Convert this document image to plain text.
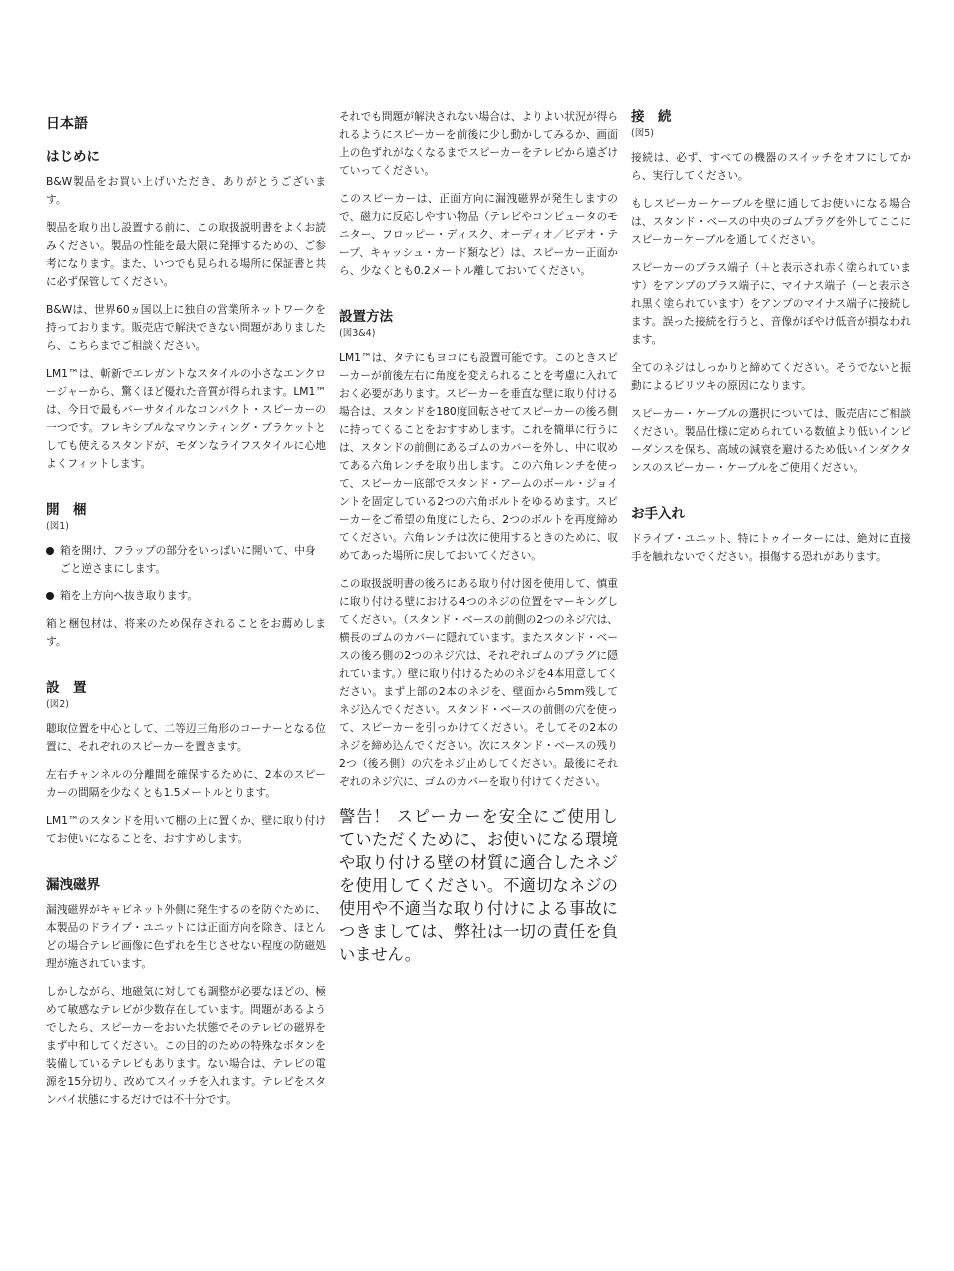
日本語
はじめに

B&W製品をお買い上げいただき、ありがとうございます。

製品を取り出し設置する前に、この取扱説明書をよくお読みください。製品の性能を最大限に発揮するための、ご参考になります。また、いつでも見られる場所に保証書と共に必ず保管してください。

B&Wは、世界60ヵ国以上に独自の営業所ネットワークを持っております。販売店で解決できない問題がありましたら、こちらまでご相談ください。

LM1™は、斬新でエレガントなスタイルの小さなエンクロージャーから、驚くほど優れた音質が得られます。LM1™は、今日で最もバーサタイルなコンパクト・スピーカーの一つです。フレキシブルなマウンティング・ブラケットとしても使えるスタンドが、モダンなライフスタイルに心地よくフィットします。

開　梱
(図1)
箱を開け、フラップの部分をいっぱいに開いて、中身ごと逆さまにします。
箱を上方向へ抜き取ります。

箱と梱包材は、将来のため保存されることをお薦めします。

設　置
(図2)

聴取位置を中心として、二等辺三角形のコーナーとなる位置に、それぞれのスピーカーを置きます。

左右チャンネルの分離間を確保するために、2本のスピーカーの間隔を少なくとも1.5メートルとります。

LM1™のスタンドを用いて棚の上に置くか、壁に取り付けてお使いになることを、おすすめします。

漏洩磁界

漏洩磁界がキャビネット外側に発生するのを防ぐために、本製品のドライブ・ユニットには正面方向を除き、ほとんどの場合テレビ画像に色ずれを生じさせない程度の防磁処理が施されています。

しかしながら、地磁気に対しても調整が必要なほどの、極めて敏感なテレビが少数存在しています。問題があるようでしたら、スピーカーをおいた状態でそのテレビの磁界をまず中和してください。この目的のための特殊なボタンを装備しているテレビもあります。ない場合は、テレビの電源を15分切り、改めてスイッチを入れます。テレビをスタンバイ状態にするだけでは不十分です。

それでも問題が解決されない場合は、よりよい状況が得られるようにスピーカーを前後に少し動かしてみるか、画面上の色ずれがなくなるまでスピーカーをテレビから遠ざけていってください。

このスピーカーは、正面方向に漏洩磁界が発生しますので、磁力に反応しやすい物品（テレビやコンピュータのモニター、フロッピー・ディスク、オーディオ／ビデオ・テープ、キャッシュ・カード類など）は、スピーカー正面から、少なくとも0.2メートル離しておいてください。

設置方法
(図3&4)

LM1™は、タテにもヨコにも設置可能です。このときスピーカーが前後左右に角度を変えられることを考慮に入れておく必要があります。スピーカーを垂直な壁に取り付ける場合は、スタンドを180度回転させてスピーカーの後ろ側に持ってくることをおすすめします。これを簡単に行うには、スタンドの前側にあるゴムのカバーを外し、中に収めてある六角レンチを取り出します。この六角レンチを使って、スピーカー底部でスタンド・アームのボール・ジョイントを固定している2つの六角ボルトをゆるめます。スピーカーをご希望の角度にしたら、2つのボルトを再度締めてください。六角レンチは次に使用するときのために、収めてあった場所に戻しておいてください。

この取扱説明書の後ろにある取り付け図を使用して、慎重に取り付ける壁における4つのネジの位置をマーキングしてください。（スタンド・ベースの前側の2つのネジ穴は、横長のゴムのカバーに隠れています。またスタンド・ベースの後ろ側の2つのネジ穴は、それぞれゴムのプラグに隠れています。）壁に取り付けるためのネジを4本用意してください。まず上部の2本のネジを、壁面から5mm残してネジ込んでください。スタンド・ベースの前側の穴を使って、スピーカーを引っかけてください。そしてその2本のネジを締め込んでください。次にスタンド・ベースの残り2つ（後ろ側）の穴をネジ止めしてください。最後にそれぞれのネジ穴に、ゴムのカバーを取り付けてください。

警告！ スピーカーを安全にご使用していただくために、お使いになる環境や取り付ける壁の材質に適合したネジを使用してください。不適切なネジの使用や不適当な取り付けによる事故につきましては、弊社は一切の責任を負いません。
接　続
(図5)

接続は、必ず、すべての機器のスイッチをオフにしてから、実行してください。

もしスピーカーケーブルを壁に通してお使いになる場合は、スタンド・ベースの中央のゴムプラグを外してここにスピーカーケーブルを通してください。

スピーカーのプラス端子（＋と表示され赤く塗られています）をアンプのプラス端子に、マイナス端子（ーと表示され黒く塗られています）をアンプのマイナス端子に接続します。誤った接続を行うと、音像がぼやけ低音が損なわれます。

全てのネジはしっかりと締めてください。そうでないと振動によるビリツキの原因になります。

スピーカー・ケーブルの選択については、販売店にご相談ください。製品仕様に定められている数値より低いインピーダンスを保ち、高域の減衰を避けるため低いインダクタンスのスピーカー・ケーブルをご使用ください。

お手入れ

ドライブ・ユニット、特にトゥイーターには、絶対に直接手を触れないでください。損傷する恐れがあります。
